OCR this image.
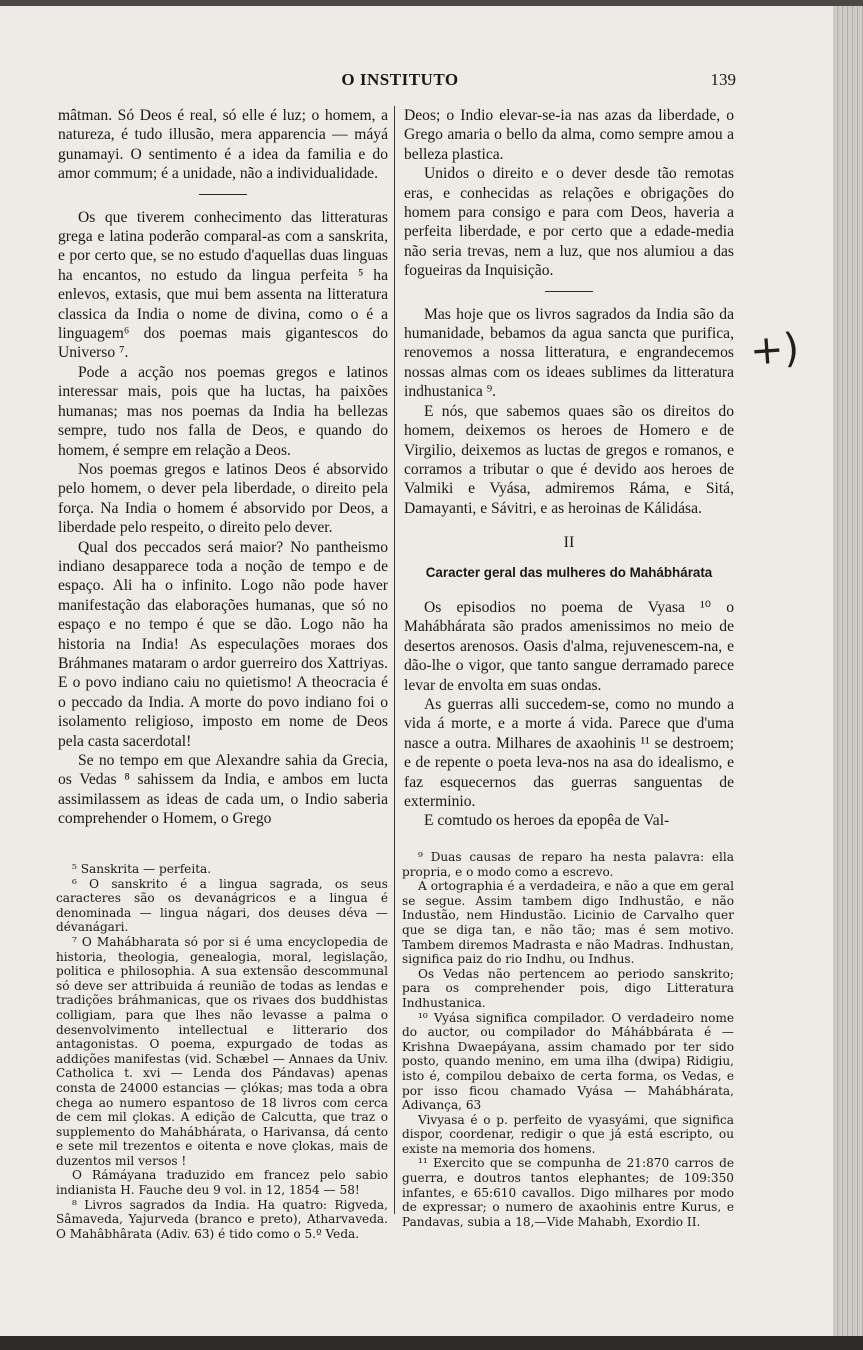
O INSTITUTO	139

mâtman. Só Deos é real, só elle é luz; o homem, a natureza, é tudo illusão, mera apparencia — máyá gunamayi. O sentimento é a idea da familia e do amor commum; é a unidade, não a individualidade.

Os que tiverem conhecimento das litteraturas grega e latina poderão comparal-as com a sanskrita, e por certo que, se no estudo d'aquellas duas linguas ha encantos, no estudo da lingua perfeita ⁵ ha enlevos, extasis, que mui bem assenta na litteratura classica da India o nome de divina, como o é a linguagem⁶ dos poemas mais gigantescos do Universo ⁷.

Pode a acção nos poemas gregos e latinos interessar mais, pois que ha luctas, ha paixões humanas; mas nos poemas da India ha bellezas sempre, tudo nos falla de Deos, e quando do homem, é sempre em relação a Deos.

Nos poemas gregos e latinos Deos é absorvido pelo homem, o dever pela liberdade, o direito pela força. Na India o homem é absorvido por Deos, a liberdade pelo respeito, o direito pelo dever.

Qual dos peccados será maior? No pantheismo indiano desapparece toda a noção de tempo e de espaço. Ali ha o infinito. Logo não pode haver manifestação das elaborações humanas, que só no espaço e no tempo é que se dão. Logo não ha historia na India! As especulações moraes dos Bráhmanes mataram o ardor guerreiro dos Xattriyas. E o povo indiano caiu no quietismo! A theocracia é o peccado da India. A morte do povo indiano foi o isolamento religioso, imposto em nome de Deos pela casta sacerdotal!

Se no tempo em que Alexandre sahia da Grecia, os Vedas ⁸ sahissem da India, e ambos em lucta assimilassem as ideas de cada um, o Indio saberia comprehender o Homem, o Grego

Deos; o Indio elevar-se-ia nas azas da liberdade, o Grego amaria o bello da alma, como sempre amou a belleza plastica.

Unidos o direito e o dever desde tão remotas eras, e conhecidas as relações e obrigações do homem para consigo e para com Deos, haveria a perfeita liberdade, e por certo que a edade-media não seria trevas, nem a luz, que nos alumiou a das fogueiras da Inquisição.

Mas hoje que os livros sagrados da India são da humanidade, bebamos da agua sancta que purifica, renovemos a nossa litteratura, e engrandecemos nossas almas com os ideaes sublimes da litteratura indhustanica ⁹.

E nós, que sabemos quaes são os direitos do homem, deixemos os heroes de Homero e de Virgilio, deixemos as luctas de gregos e romanos, e corramos a tributar o que é devido aos heroes de Valmiki e Vyása, admiremos Ráma, e Sitá, Damayanti, e Sávitri, e as heroinas de Kálidása.

II
Caracter geral das mulheres do Mahábhárata

Os episodios no poema de Vyasa ¹⁰ o Mahábhárata são prados amenissimos no meio de desertos arenosos. Oasis d'alma, rejuvenescem-na, e dão-lhe o vigor, que tanto sangue derramado parece levar de envolta em suas ondas.

As guerras alli succedem-se, como no mundo a vida á morte, e a morte á vida. Parece que d'uma nasce a outra. Milhares de axaohinis ¹¹ se destroem; e de repente o poeta leva-nos na asa do idealismo, e faz esquecernos das guerras sanguentas de exterminio.

E comtudo os heroes da epopêa de Val-

⁵ Sanskrita — perfeita.

⁶ O sanskrito é a lingua sagrada, os seus caracteres são os devanágricos e a lingua é denominada — lingua nágari, dos deuses déva — dévanágari.

⁷ O Mahábharata só por si é uma encyclopedia de historia, theologia, genealogia, moral, legislação, politica e philosophia. A sua extensão descommunal só deve ser attribuida á reunião de todas as lendas e tradições bráhmanicas, que os rivaes dos buddhistas colligiam, para que lhes não levasse a palma o desenvolvimento intellectual e litterario dos antagonistas. O poema, expurgado de todas as addições manifestas (vid. Schæbel — Annaes da Univ. Catholica t. xvi — Lenda dos Pándavas) apenas consta de 24000 estancias — çlókas; mas toda a obra chega ao numero espantoso de 18 livros com cerca de cem mil çlokas. A edição de Calcutta, que traz o supplemento do Mahábhárata, o Harivansa, dá cento e sete mil trezentos e oitenta e nove çlokas, mais de duzentos mil versos !

O Rámáyana traduzido em francez pelo sabio indianista H. Fauche deu 9 vol. in 12, 1854 — 58!

⁸ Livros sagrados da India. Ha quatro: Rigveda, Sâmaveda, Yajurveda (branco e preto), Atharvaveda. O Mahâbhârata (Adiv. 63) é tido como o 5.º Veda.

⁹ Duas causas de reparo ha nesta palavra: ella propria, e o modo como a escrevo.

A ortographia é a verdadeira, e não a que em geral se segue. Assim tambem digo Indhustão, e não Industão, nem Hindustão. Licinio de Carvalho quer que se diga tan, e não tão; mas é sem motivo. Tambem diremos Madrasta e não Madras. Indhustan, significa paiz do rio Indhu, ou Indhus.

Os Vedas não pertencem ao periodo sanskrito; para os comprehender pois, digo Litteratura Indhustanica.

¹⁰ Vyása significa compilador. O verdadeiro nome do auctor, ou compilador do Máhábbárata é — Krishna Dwaepáyana, assim chamado por ter sido posto, quando menino, em uma ilha (dwipa) Ridigiu, isto é, compilou debaixo de certa forma, os Vedas, e por isso ficou chamado Vyása — Mahábhárata, Adivança, 63

Vivyasa é o p. perfeito de vyasyámi, que significa dispor, coordenar, redigir o que já está escripto, ou existe na memoria dos homens.

¹¹ Exercito que se compunha de 21:870 carros de guerra, e doutros tantos elephantes; de 109:350 infantes, e 65:610 cavallos. Digo milhares por modo de expressar; o numero de axaohinis entre Kurus, e Pandavas, subia a 18,—Vide Mahabh, Exordio II.

+)
